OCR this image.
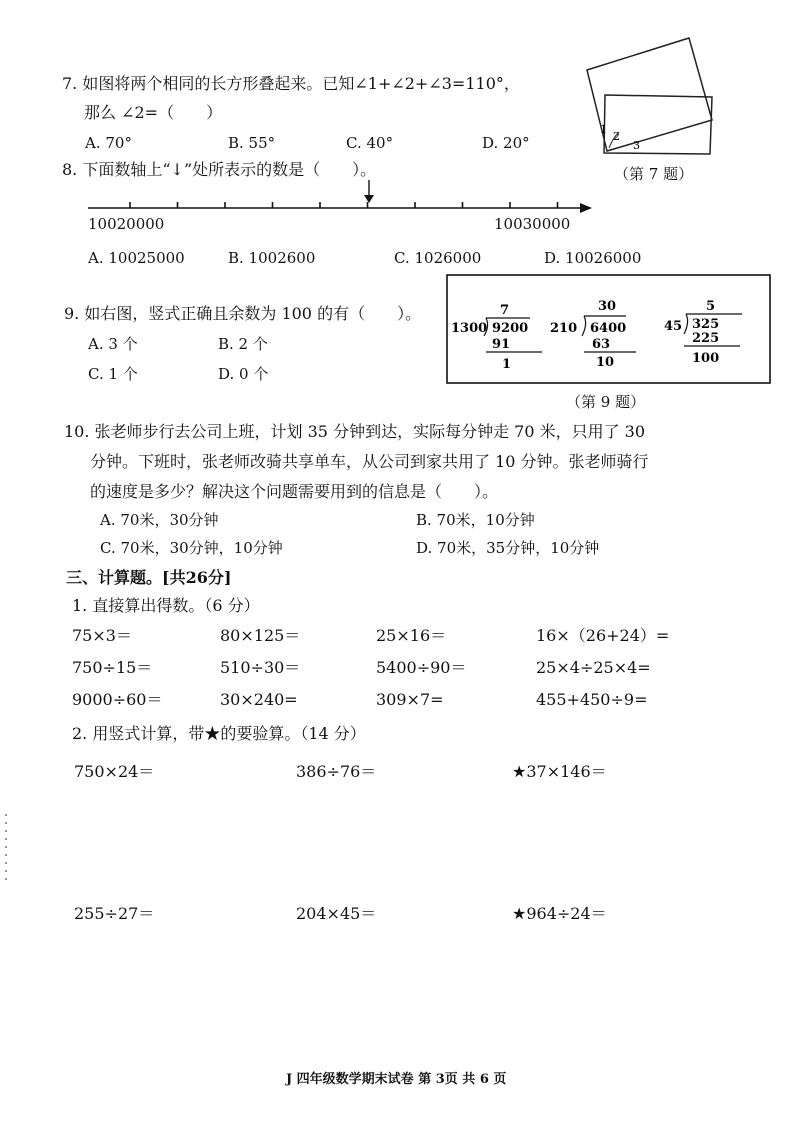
7. 如图将两个相同的长方形叠起来。已知∠1+∠2+∠3=110°，
那么 ∠2=（　　）
A. 70°	B. 55°	C. 40°	D. 20°
1
2
3
（第 7 题）
8. 下面数轴上“↓”处所表示的数是（　　）。
10020000	10030000
A. 10025000	B. 1002600	C. 1026000	D. 10026000
9. 如右图，竖式正确且余数为 100 的有（　　）。
A. 3 个	B. 2 个
C. 1 个	D. 0 个
7
1300 9200
91
1
30
210 6400
63
10
5
45 325
225
100
（第 9 题）
10. 张老师步行去公司上班，计划 35 分钟到达，实际每分钟走 70 米，只用了 30
分钟。下班时，张老师改骑共享单车，从公司到家共用了 10 分钟。张老师骑行
的速度是多少？解决这个问题需要用到的信息是（　　）。
A. 70米，30分钟	B. 70米，10分钟
C. 70米，30分钟，10分钟	D. 70米，35分钟，10分钟
三、计算题。[共26分]
1. 直接算出得数。（6 分）
75×3＝	80×125＝	25×16＝	16×（26+24）=
750÷15＝	510÷30＝	5400÷90＝	25×4÷25×4=
9000÷60＝	30×240=	309×7=	455+450÷9=
2. 用竖式计算，带★的要验算。（14 分）
750×24＝	386÷76＝	★37×146＝
255÷27＝	204×45＝	★964÷24＝
J 四年级数学期末试卷 第 3页 共 6 页
